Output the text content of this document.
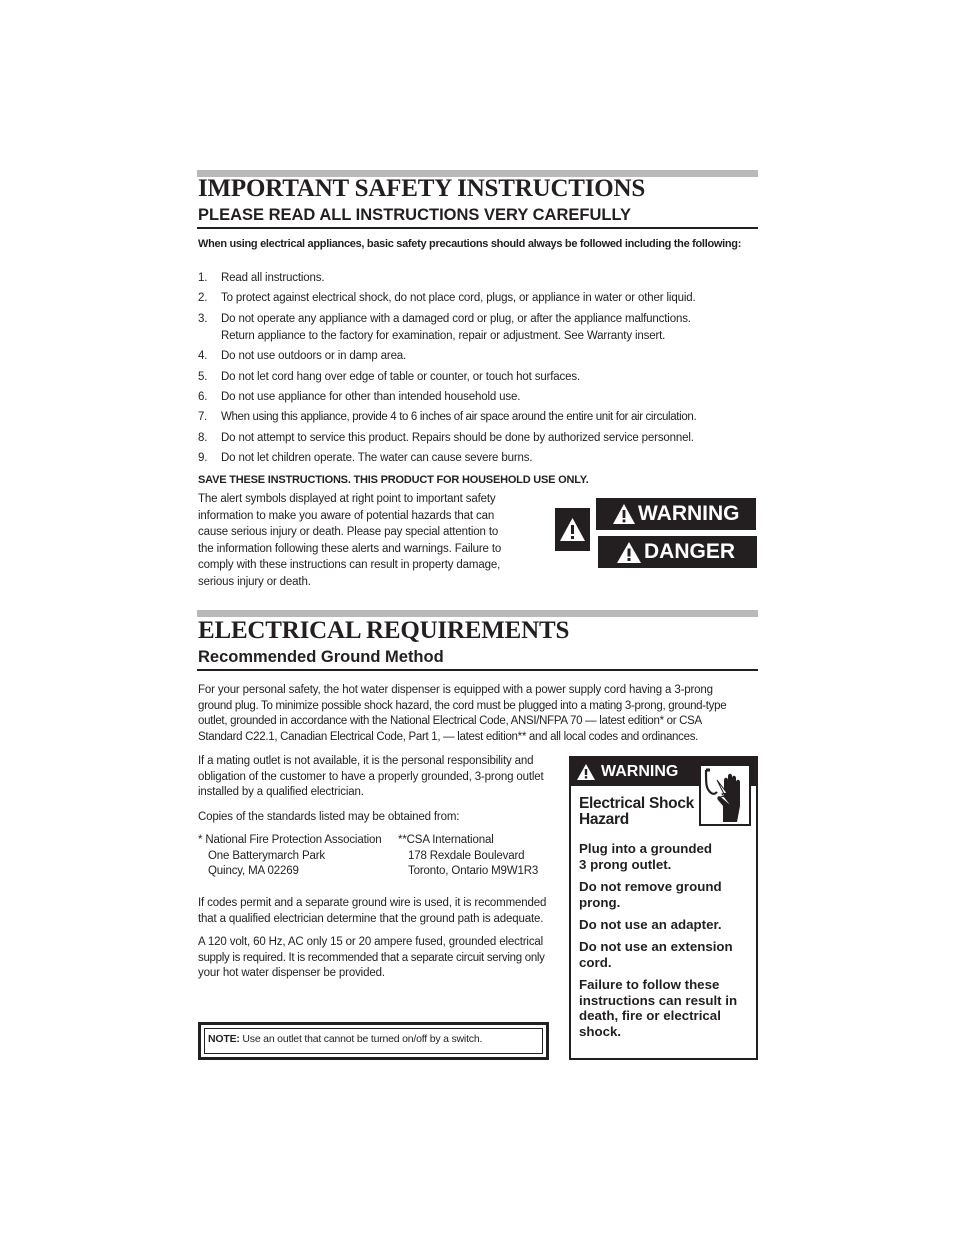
IMPORTANT SAFETY INSTRUCTIONS
PLEASE READ ALL INSTRUCTIONS VERY CAREFULLY
When using electrical appliances, basic safety precautions should always be followed including the following:
1. Read all instructions.
2. To protect against electrical shock, do not place cord, plugs, or appliance in water or other liquid.
3. Do not operate any appliance with a damaged cord or plug, or after the appliance malfunctions.
Return appliance to the factory for examination, repair or adjustment. See Warranty insert.
4. Do not use outdoors or in damp area.
5. Do not let cord hang over edge of table or counter, or touch hot surfaces.
6. Do not use appliance for other than intended household use.
7. When using this appliance, provide 4 to 6 inches of air space around the entire unit for air circulation.
8. Do not attempt to service this product. Repairs should be done by authorized service personnel.
9. Do not let children operate. The water can cause severe burns.
SAVE THESE INSTRUCTIONS. THIS PRODUCT FOR HOUSEHOLD USE ONLY.
The alert symbols displayed at right point to important safety
information to make you aware of potential hazards that can
cause serious injury or death. Please pay special attention to
the information following these alerts and warnings. Failure to
comply with these instructions can result in property damage,
serious injury or death.
WARNING
DANGER
ELECTRICAL REQUIREMENTS
Recommended Ground Method
For your personal safety, the hot water dispenser is equipped with a power supply cord having a 3-prong
ground plug. To minimize possible shock hazard, the cord must be plugged into a mating 3-prong, ground-type
outlet, grounded in accordance with the National Electrical Code, ANSI/NFPA 70 — latest edition* or CSA
Standard C22.1, Canadian Electrical Code, Part 1, — latest edition** and all local codes and ordinances.
If a mating outlet is not available, it is the personal responsibility and
obligation of the customer to have a properly grounded, 3-prong outlet
installed by a qualified electrician.
Copies of the standards listed may be obtained from:
* National Fire Protection Association
One Batterymarch Park
Quincy, MA 02269
**CSA International
178 Rexdale Boulevard
Toronto, Ontario M9W1R3
If codes permit and a separate ground wire is used, it is recommended
that a qualified electrician determine that the ground path is adequate.
A 120 volt, 60 Hz, AC only 15 or 20 ampere fused, grounded electrical
supply is required. It is recommended that a separate circuit serving only
your hot water dispenser be provided.
NOTE: Use an outlet that cannot be turned on/off by a switch.
WARNING
Electrical Shock
Hazard
Plug into a grounded
3 prong outlet.
Do not remove ground
prong.
Do not use an adapter.
Do not use an extension
cord.
Failure to follow these
instructions can result in
death, fire or electrical
shock.
